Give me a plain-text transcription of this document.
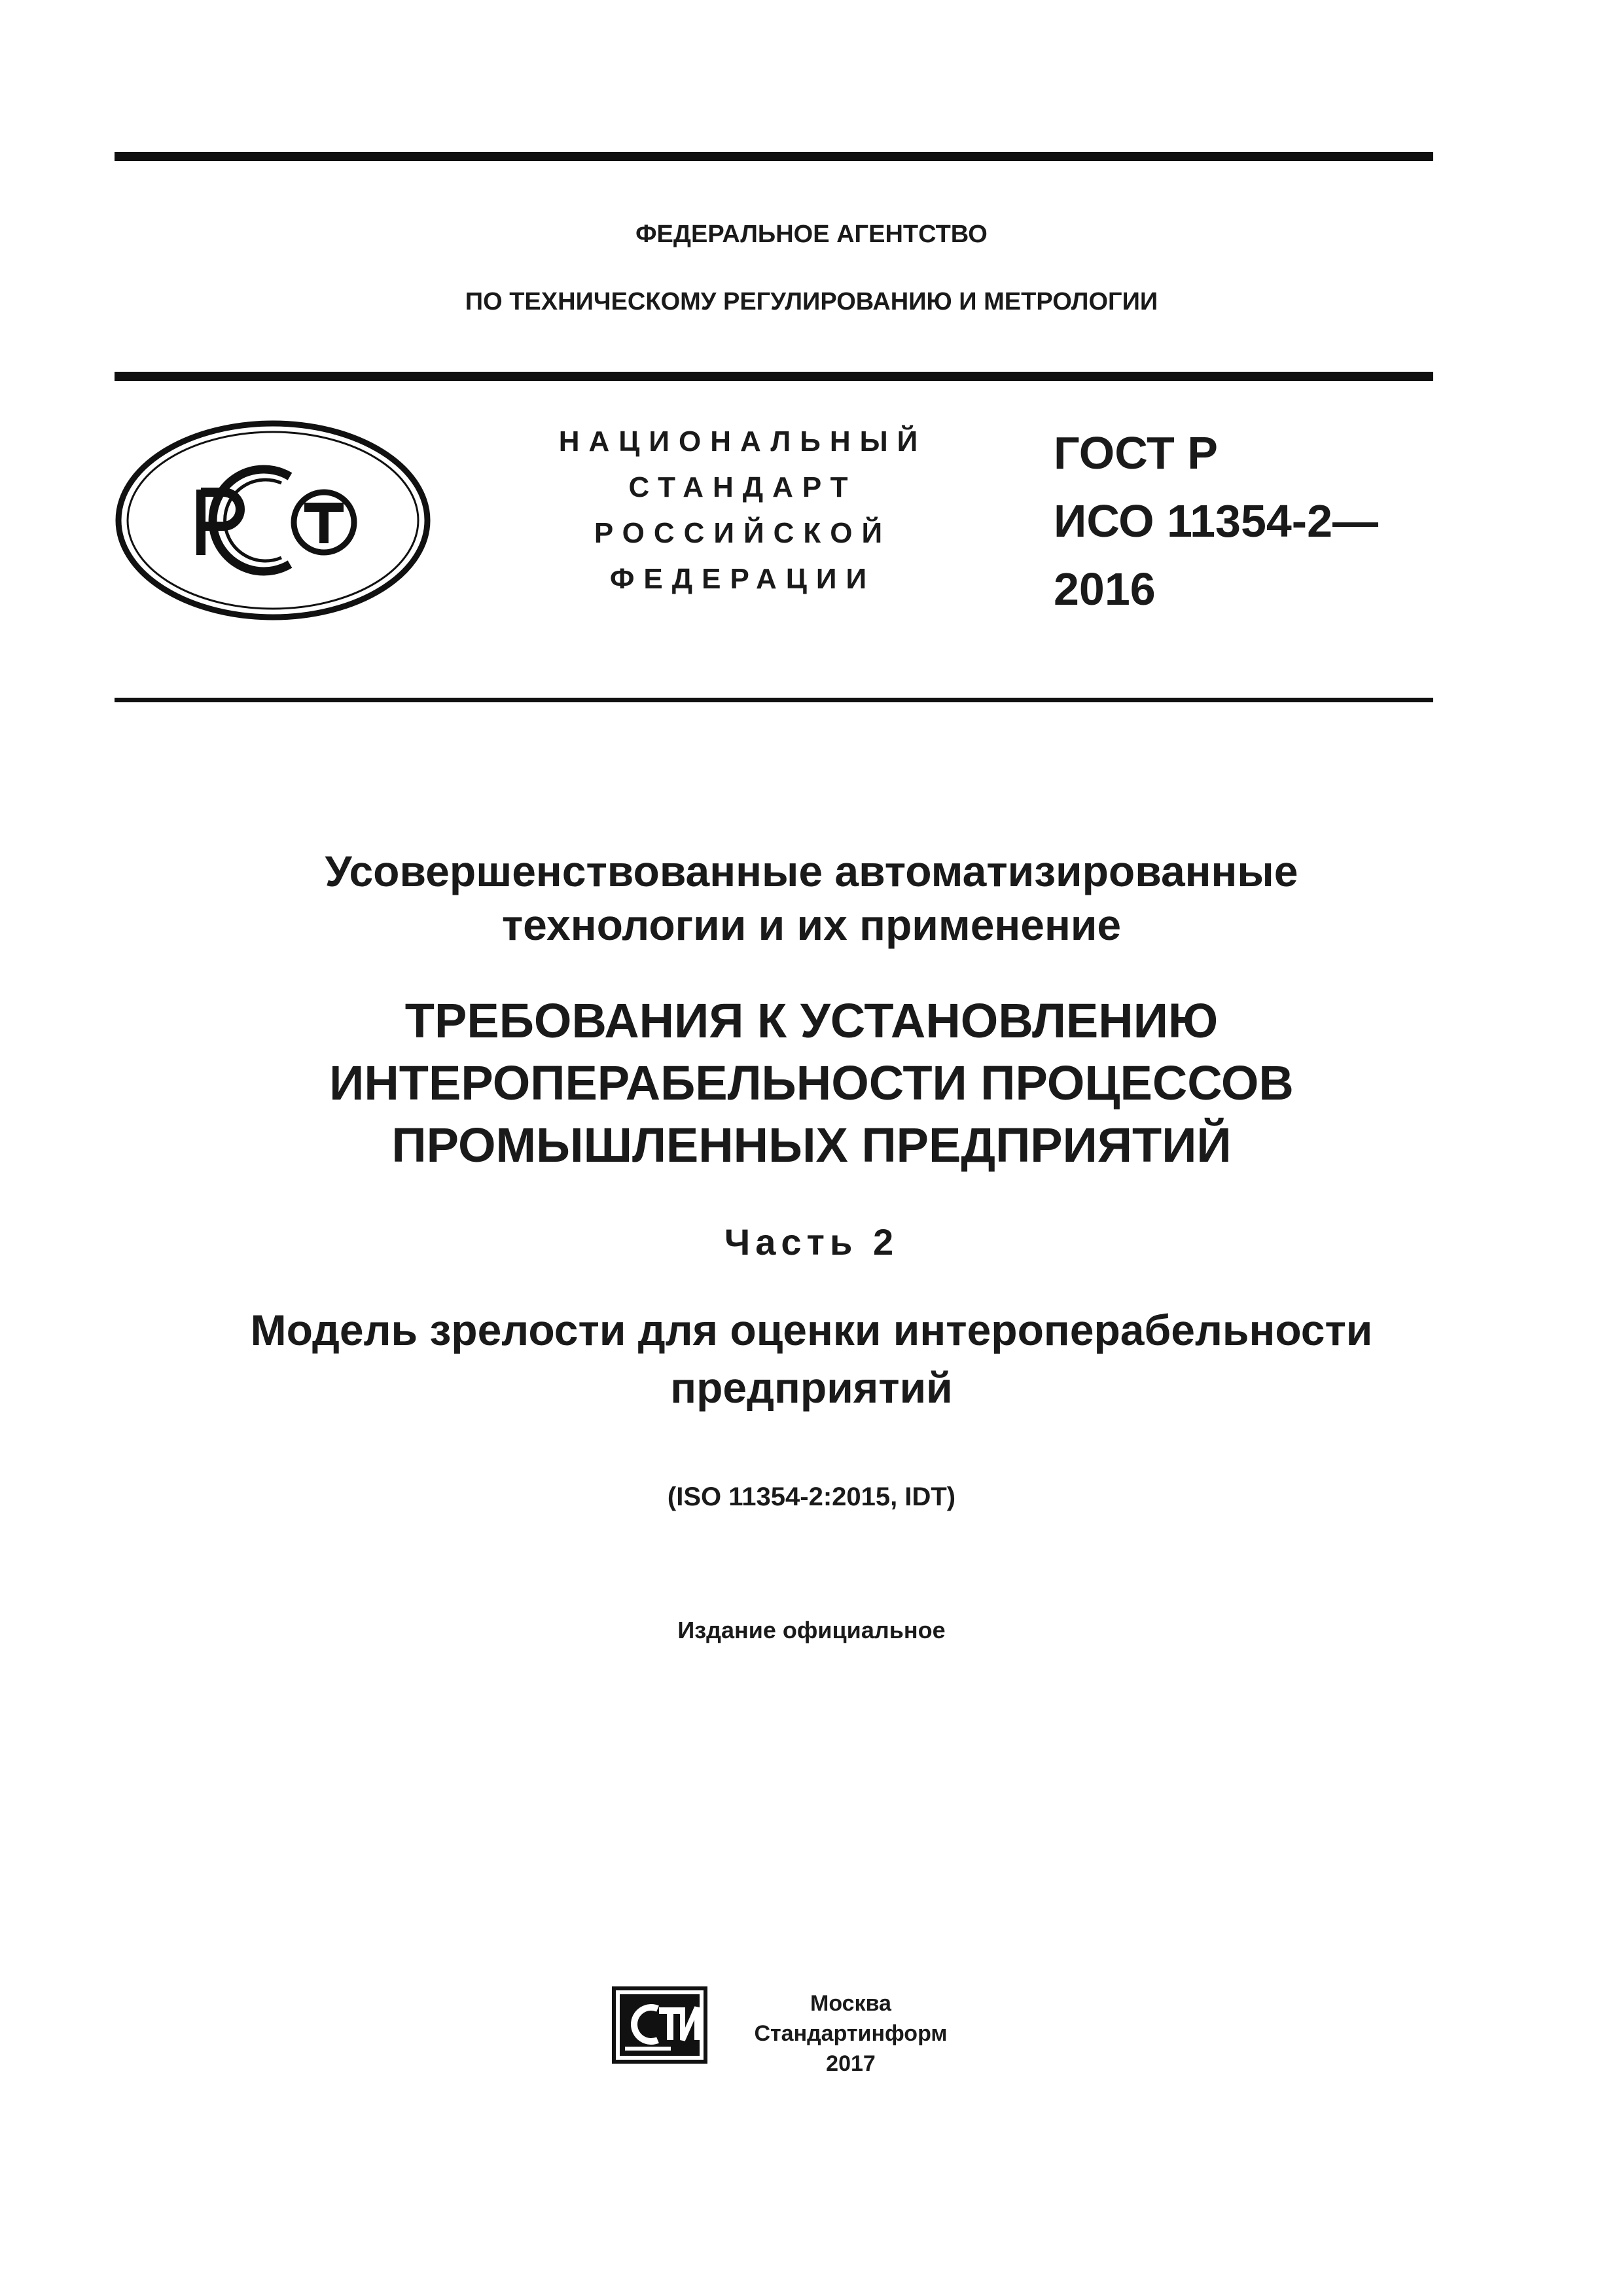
ФЕДЕРАЛЬНОЕ АГЕНТСТВО
ПО ТЕХНИЧЕСКОМУ РЕГУЛИРОВАНИЮ И МЕТРОЛОГИИ
НАЦИОНАЛЬНЫЙ
СТАНДАРТ
РОССИЙСКОЙ
ФЕДЕРАЦИИ
ГОСТ Р
ИСО 11354-2—
2016
Усовершенствованные автоматизированные
технологии и их применение
ТРЕБОВАНИЯ К УСТАНОВЛЕНИЮ
ИНТЕРОПЕРАБЕЛЬНОСТИ ПРОЦЕССОВ
ПРОМЫШЛЕННЫХ ПРЕДПРИЯТИЙ
Часть 2
Модель зрелости для оценки интероперабельности
предприятий
(ISO 11354-2:2015, IDT)
Издание официальное
Москва
Стандартинформ
2017
